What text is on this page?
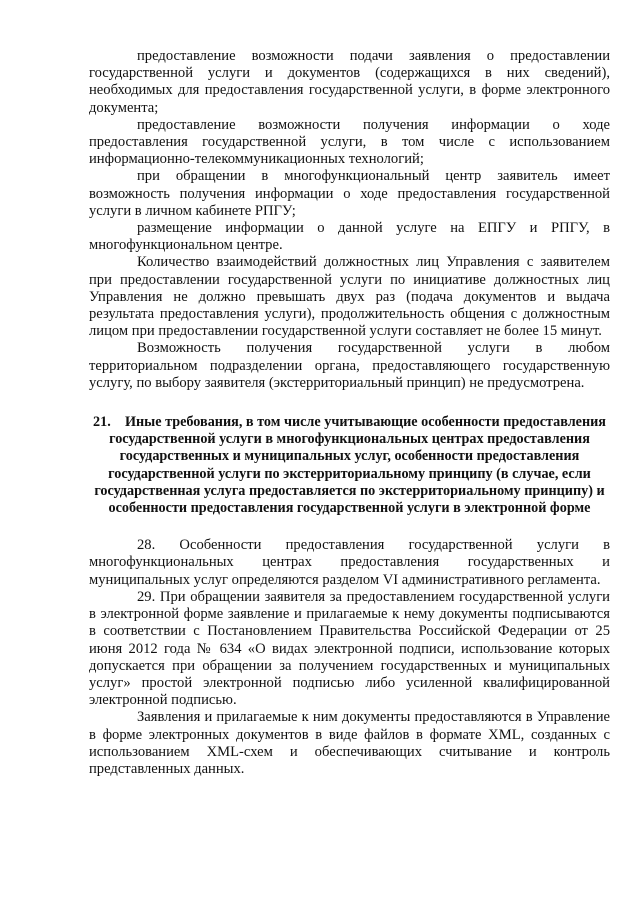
предоставление возможности подачи заявления о предоставлении государственной услуги и документов (содержащихся в них сведений), необходимых для предоставления государственной услуги, в форме электронного документа;

предоставление возможности получения информации о ходе предоставления государственной услуги, в том числе с использованием информационно-телекоммуникационных технологий;

при обращении в многофункциональный центр заявитель имеет возможность получения информации о ходе предоставления государственной услуги в личном кабинете РПГУ;

размещение информации о данной услуге на ЕПГУ и РПГУ, в многофункциональном центре.

Количество взаимодействий должностных лиц Управления с заявителем при предоставлении государственной услуги по инициативе должностных лиц Управления не должно превышать двух раз (подача документов и выдача результата предоставления услуги), продолжительность общения с должностным лицом при предоставлении государственной услуги составляет не более 15 минут.

Возможность получения государственной услуги в любом территориальном подразделении органа, предоставляющего государственную услугу, по выбору заявителя (экстерриториальный принцип) не предусмотрена.

21.    Иные требования, в том числе учитывающие особенности предоставления государственной услуги в многофункциональных центрах предоставления государственных и муниципальных услуг, особенности предоставления государственной услуги по экстерриториальному принципу (в случае, если государственная услуга предоставляется по экстерриториальному принципу) и особенности предоставления государственной услуги в электронной форме

28. Особенности предоставления государственной услуги в многофункциональных центрах предоставления государственных и муниципальных услуг определяются разделом VI административного регламента.

29. При обращении заявителя за предоставлением государственной услуги в электронной форме заявление и прилагаемые к нему документы подписываются в соответствии с Постановлением Правительства Российской Федерации от 25 июня 2012 года № 634 «О видах электронной подписи, использование которых допускается при обращении за получением государственных и муниципальных услуг» простой электронной подписью либо усиленной квалифицированной электронной подписью.

Заявления и прилагаемые к ним документы предоставляются в Управление в форме электронных документов в виде файлов в формате XML, созданных с использованием XML-схем и обеспечивающих считывание и контроль представленных данных.
